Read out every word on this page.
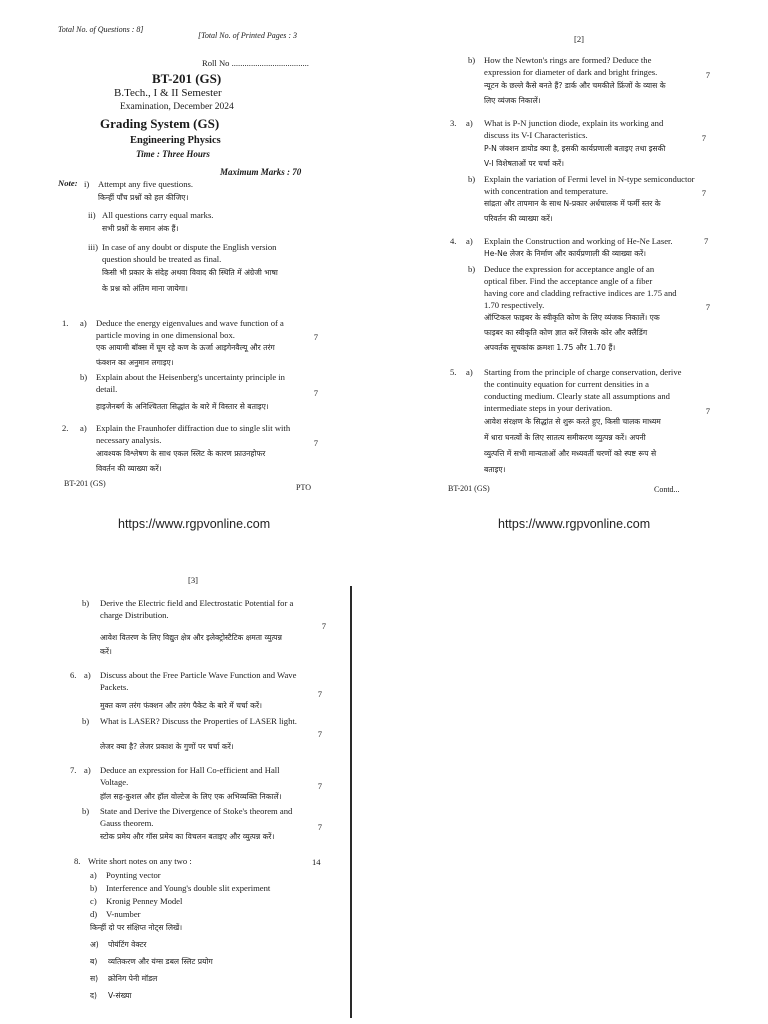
Total No. of Questions : 8]
[Total No. of Printed Pages : 3
Roll No ....................................
BT-201 (GS)
B.Tech., I & II Semester
Examination, December 2024
Grading System (GS)
Engineering Physics
Time : Three Hours
Maximum Marks : 70
Note: i) Attempt any five questions.
किन्हीं पाँच प्रश्नों को हल कीजिए।
ii) All questions carry equal marks.
सभी प्रश्नों के समान अंक हैं।
iii) In case of any doubt or dispute the English version
question should be treated as final.
किसी भी प्रकार के संदेह अथवा विवाद की स्थिति में अंग्रेजी भाषा
के प्रश्न को अंतिम माना जायेगा।
1. a) Deduce the energy eigenvalues and wave function of a
particle moving in one dimensional box.	7
एक आयामी बॉक्स में घूम रहे कण के ऊर्जा आइगेनवैल्यू और तरंग
फंक्शन का अनुमान लगाइए।
b) Explain about the Heisenberg's uncertainty principle in
detail.	7
हाइजेनबर्ग के अनिश्चितता सिद्धांत के बारे में विस्तार से बताइए।
2. a) Explain the Fraunhofer diffraction due to single slit with
necessary analysis.	7
आवश्यक विश्लेषण के साथ एकल स्लिट के कारण फ्राउनहोफर
विवर्तन की व्याख्या करें।
BT-201 (GS)	PTO
[2]
b) How the Newton's rings are formed? Deduce the
expression for diameter of dark and bright fringes.	7
न्यूटन के छल्ले कैसे बनते हैं? डार्क और चमकीले फ्रिंजों के व्यास के
लिए व्यंजक निकालें।
3. a) What is P-N junction diode, explain its working and
discuss its V-I Characteristics.	7
P-N जंक्शन डायोड क्या है, इसकी कार्यप्रणाली बताइए तथा इसकी
V-I विशेषताओं पर चर्चा करें।
b) Explain the variation of Fermi level in N-type semiconductor
with concentration and temperature.	7
सांद्रता और तापमान के साथ N-प्रकार अर्धचालक में फर्मी स्तर के
परिवर्तन की व्याख्या करें।
4. a) Explain the Construction and working of He-Ne Laser.	7
He-Ne लेजर के निर्माण और कार्यप्रणाली की व्याख्या करें।
b) Deduce the expression for acceptance angle of an
optical fiber. Find the acceptance angle of a fiber
having core and cladding refractive indices are 1.75 and
1.70 respectively.	7
ऑप्टिकल फाइबर के स्वीकृति कोण के लिए व्यंजक निकालें। एक
फाइबर का स्वीकृति कोण ज्ञात करें जिसके कोर और क्लैडिंग
अपवर्तक सूचकांक क्रमशः 1.75 और 1.70 हैं।
5. a) Starting from the principle of charge conservation, derive
the continuity equation for current densities in a
conducting medium. Clearly state all assumptions and
intermediate steps in your derivation.	7
आवेश संरक्षण के सिद्धांत से शुरू करते हुए, किसी चालक माध्यम
में धारा घनत्वों के लिए सातत्य समीकरण व्युत्पन्न करें। अपनी
व्युत्पत्ति में सभी मान्यताओं और मध्यवर्ती चरणों को स्पष्ट रूप से
बताइए।
BT-201 (GS)	Contd...
https://www.rgpvonline.com	https://www.rgpvonline.com
[3]
b) Derive the Electric field and Electrostatic Potential for a
charge Distribution.
7
आवेश वितरण के लिए विद्युत क्षेत्र और इलेक्ट्रोस्टैटिक क्षमता व्युत्पन्न
करें।
6. a) Discuss about the Free Particle Wave Function and Wave
Packets.
7
मुक्त कण तरंग फंक्शन और तरंग पैकेट के बारे में चर्चा करें।
b) What is LASER? Discuss the Properties of LASER light.
7
लेजर क्या है? लेजर प्रकाश के गुणों पर चर्चा करें।
7. a) Deduce an expression for Hall Co-efficient and Hall
Voltage.	7
हॉल सह-कुशल और हॉल वोल्टेज के लिए एक अभिव्यक्ति निकालें।
b) State and Derive the Divergence of Stoke's theorem and
Gauss theorem.	7
स्टोक प्रमेय और गॉस प्रमेय का विचलन बताइए और व्युत्पन्न करें।
8. Write short notes on any two :	14
a) Poynting vector
b) Interference and Young's double slit experiment
c) Kronig Penney Model
d) V-number
किन्हीं दो पर संक्षिप्त नोट्स लिखें।
अ) पोयंटिंग वेक्टर
ब) व्यतिकरण और यंग्स डबल स्लिट प्रयोग
स) क्रोनिग पेनी मॉडल
द) V-संख्या
